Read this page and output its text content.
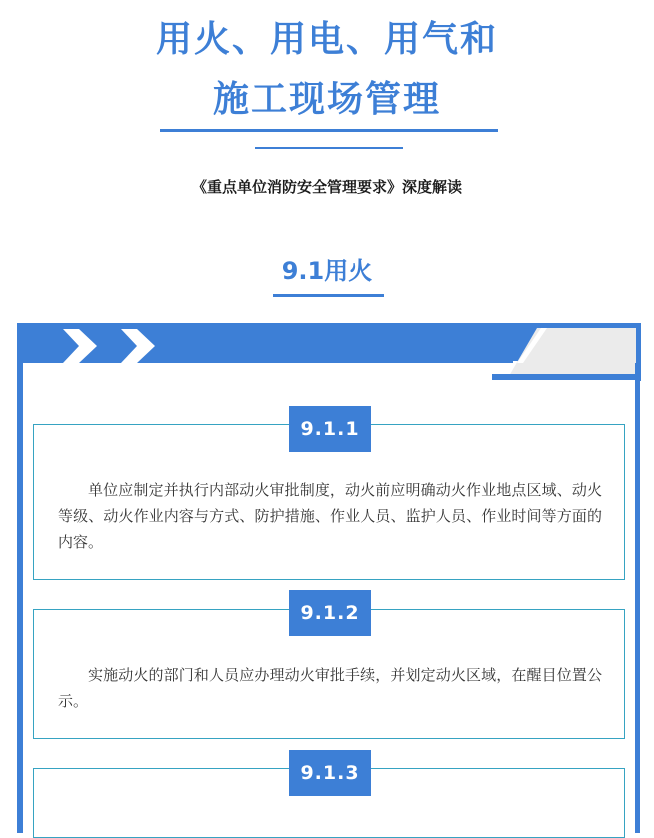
用火、用电、用气和
施工现场管理
《重点单位消防安全管理要求》深度解读
9.1用火
单位应制定并执行内部动火审批制度，动火前应明确动火作业地点区域、动火等级、动火作业内容与方式、防护措施、作业人员、监护人员、作业时间等方面的内容。
9.1.1
实施动火的部门和人员应办理动火审批手续，并划定动火区域，在醒目位置公示。
9.1.2
9.1.3
